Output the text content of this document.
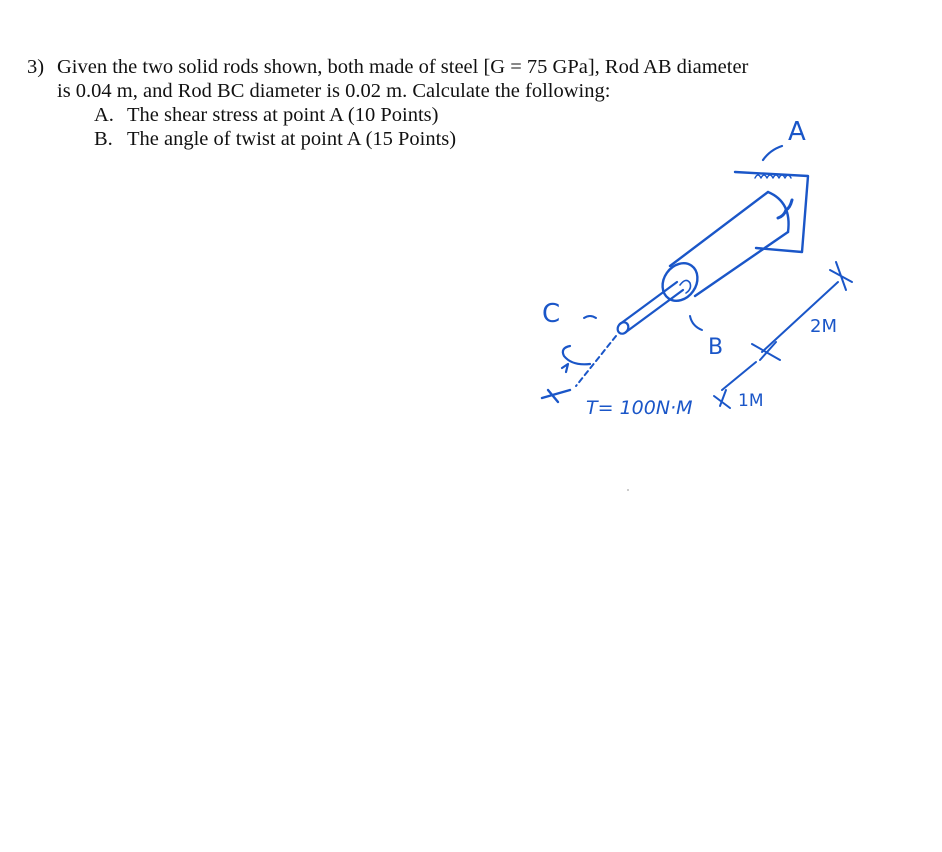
3) Given the two solid rods shown, both made of steel [G = 75 GPa], Rod AB diameter
is 0.04 m, and Rod BC diameter is 0.02 m. Calculate the following:
A. The shear stress at point A (10 Points)
B. The angle of twist at point A (15 Points)	A
C
B
T= 100N·M
2M
1M
